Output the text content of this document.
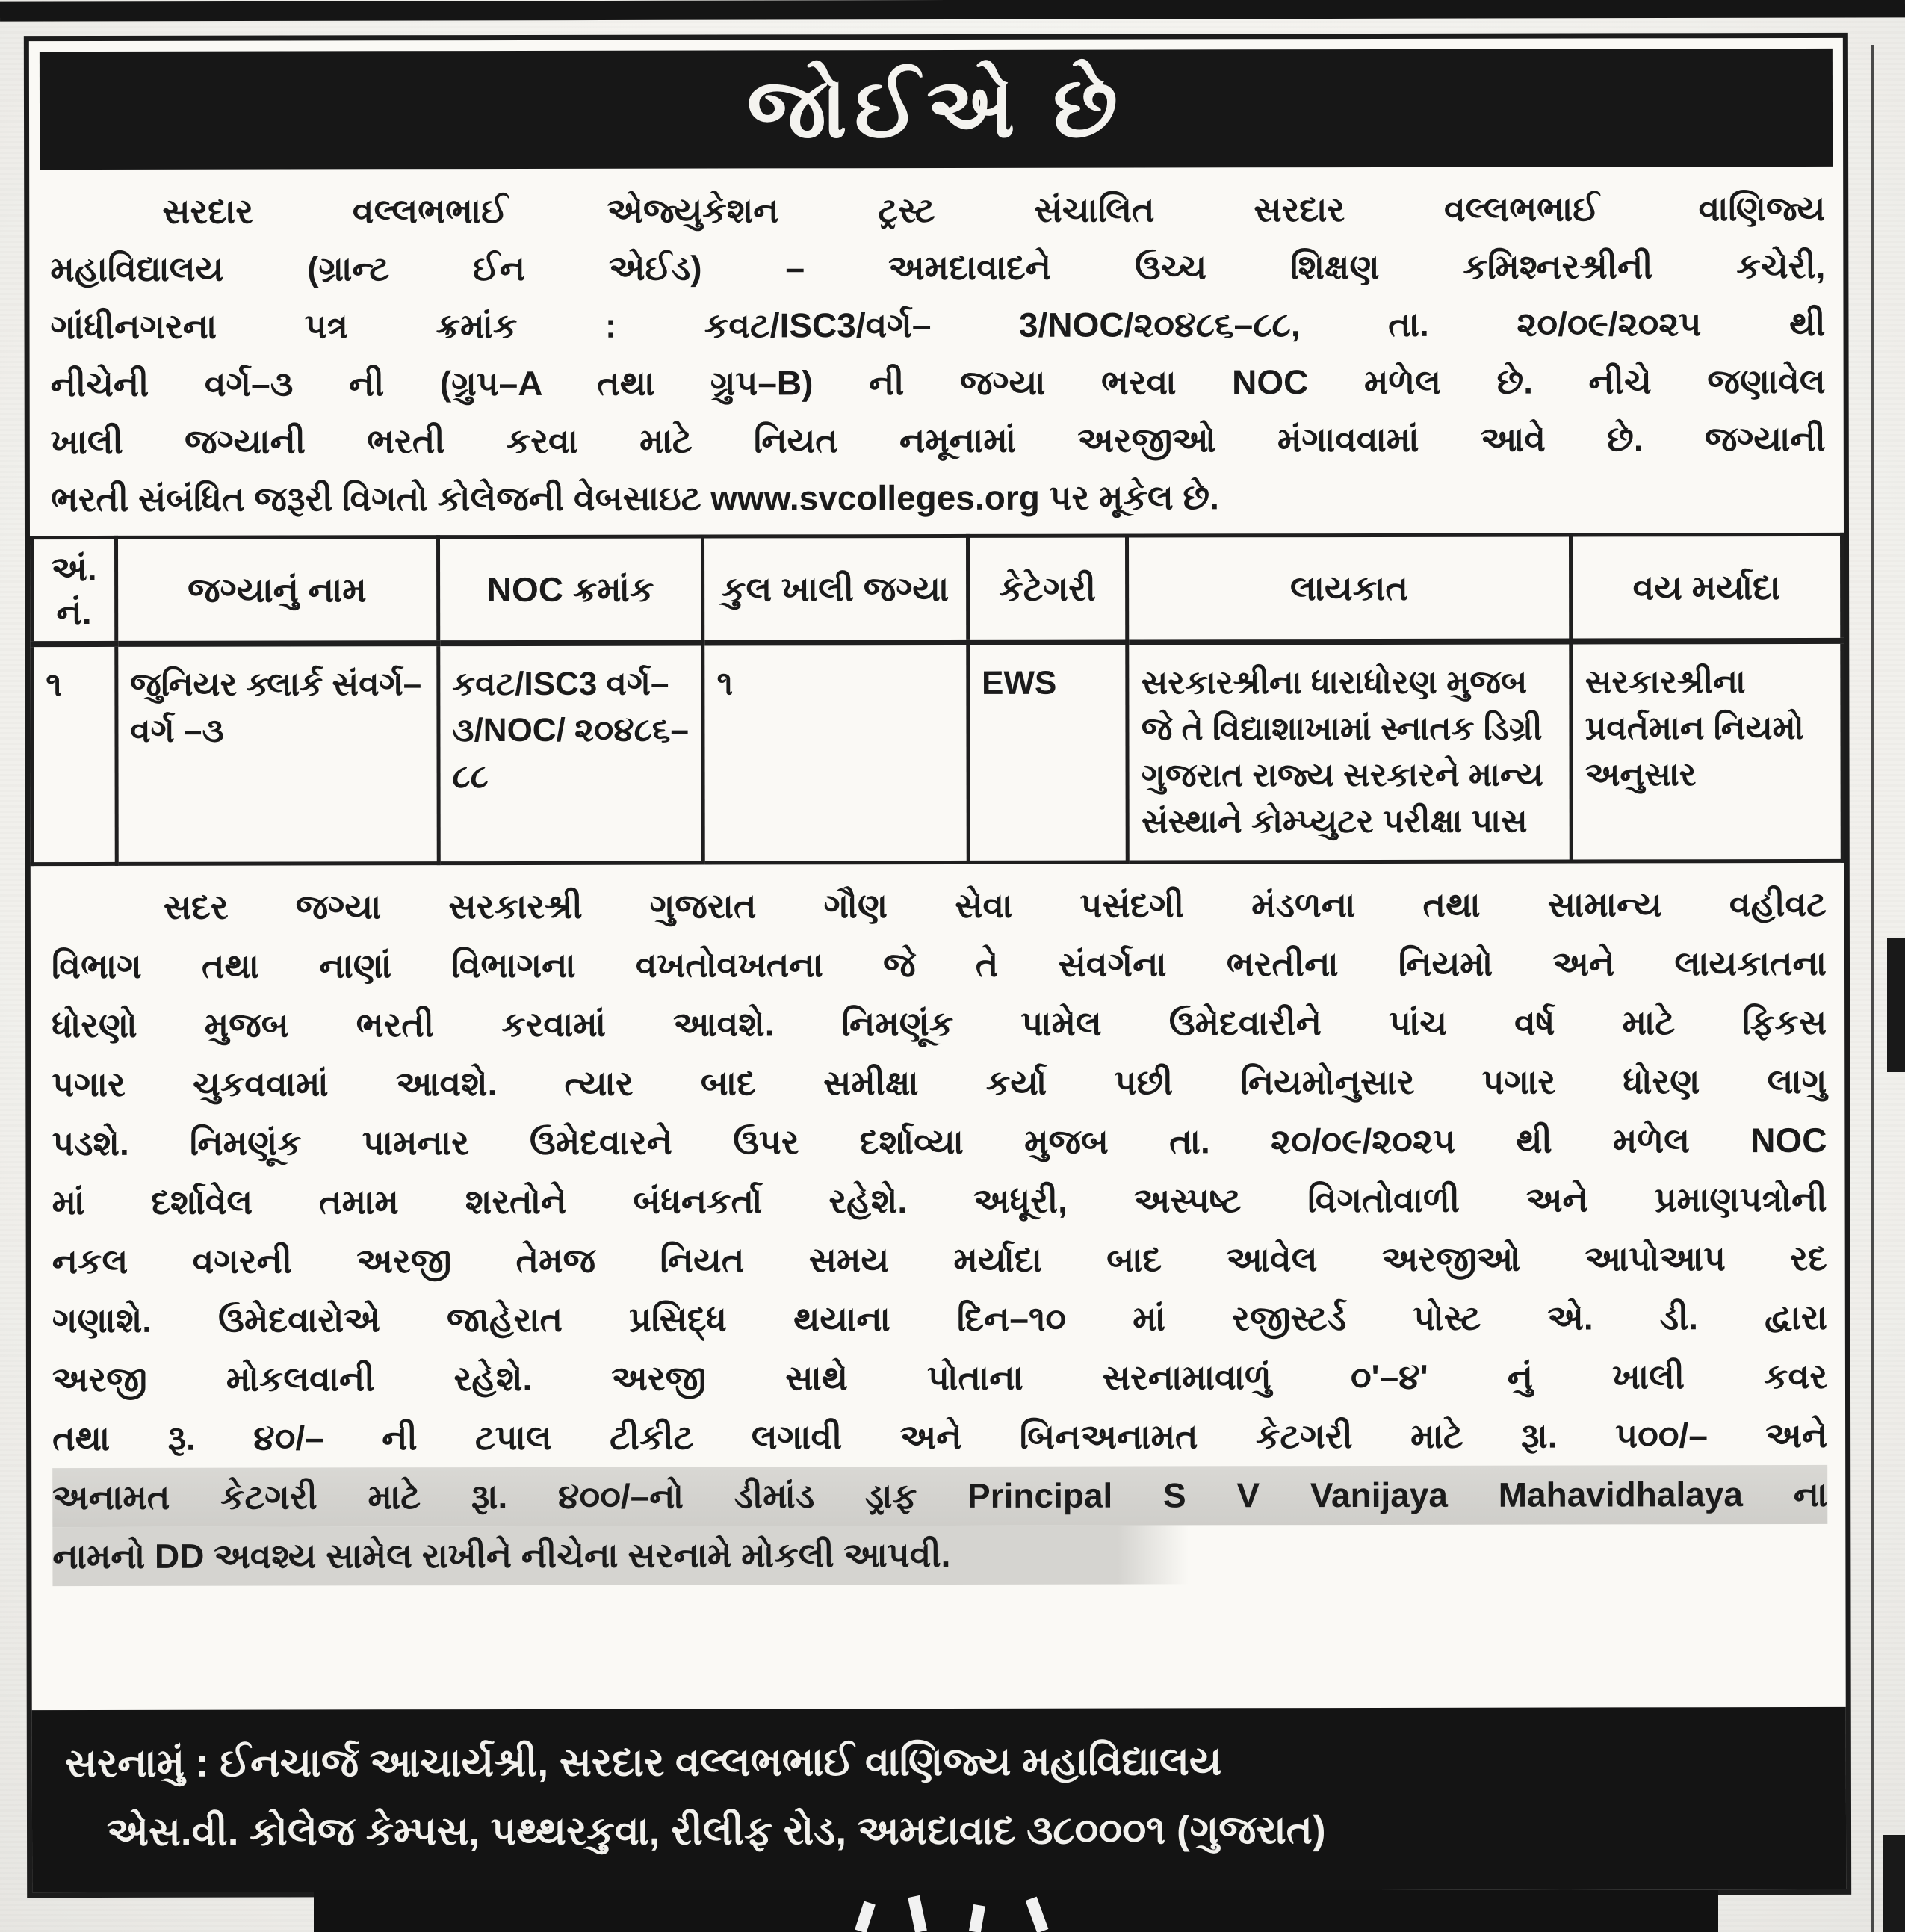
જોઈએ છે
સરદાર વલ્લભભાઈ એજ્યુકેશન ટ્રસ્ટ સંચાલિત સરદાર વલ્લભભાઈ વાણિજ્ય
મહાવિદ્યાલય (ગ્રાન્ટ ઈન એઈડ) – અમદાવાદને ઉચ્ચ શિક્ષણ કમિશ્નરશ્રીની કચેરી,
ગાંધીનગરના પત્ર ક્રમાંક : કવટ/ISC3/વર્ગ– 3/NOC/૨૦૪૮૬–૮૮, તા. ૨૦/૦૯/૨૦૨૫ થી
નીચેની વર્ગ–૩ ની (ગ્રુપ–A તથા ગ્રુપ–B) ની જગ્યા ભરવા NOC મળેલ છે. નીચે જણાવેલ
ખાલી જગ્યાની ભરતી કરવા માટે નિયત નમૂનામાં અરજીઓ મંગાવવામાં આવે છે. જગ્યાની
ભરતી સંબંધિત જરૂરી વિગતો કોલેજની વેબસાઇટ www.svcolleges.org પર મૂકેલ છે.
અં. નં.	જગ્યાનું નામ	NOC ક્રમાંક	કુલ ખાલી જગ્યા	કેટેગરી	લાયકાત	વય મર્યાદા
૧	જુનિયર ક્લાર્ક સંવર્ગ– વર્ગ –૩	કવટ/ISC3 વર્ગ–૩/NOC/ ૨૦૪૮૬–૮૮	૧	EWS	સરકારશ્રીના ધારાધોરણ મુજબ જે તે વિદ્યાશાખામાં સ્નાતક ડિગ્રી ગુજરાત રાજ્ય સરકારને માન્ય સંસ્થાને કોમ્પ્યુટર પરીક્ષા પાસ	સરકારશ્રીના પ્રવર્તમાન નિયમો અનુસાર
સદર જગ્યા સરકારશ્રી ગુજરાત ગૌણ સેવા પસંદગી મંડળના તથા સામાન્ય વહીવટ
વિભાગ તથા નાણાં વિભાગના વખતોવખતના જે તે સંવર્ગના ભરતીના નિયમો અને લાયકાતના
ધોરણો મુજબ ભરતી કરવામાં આવશે. નિમણૂંક પામેલ ઉમેદવારીને પાંચ વર્ષ માટે ફિકસ
પગાર ચુકવવામાં આવશે. ત્યાર બાદ સમીક્ષા કર્યા પછી નિયમોનુસાર પગાર ધોરણ લાગુ
પડશે. નિમણૂંક પામનાર ઉમેદવારને ઉપર દર્શાવ્યા મુજબ તા. ૨૦/૦૯/૨૦૨૫ થી મળેલ NOC
માં દર્શાવેલ તમામ શરતોને બંધનકર્તા રહેશે. અધૂરી, અસ્પષ્ટ વિગતોવાળી અને પ્રમાણપત્રોની
નકલ વગરની અરજી તેમજ નિયત સમય મર્યાદા બાદ આવેલ અરજીઓ આપોઆપ રદ
ગણાશે. ઉમેદવારોએ જાહેરાત પ્રસિદ્ધ થયાના દિન–૧૦ માં રજીસ્ટર્ડ પોસ્ટ એ. ડી. દ્વારા
અરજી મોકલવાની રહેશે. અરજી સાથે પોતાના સરનામાવાળું ૦'–૪' નું ખાલી કવર
તથા રૂ. ૪૦/– ની ટપાલ ટીકીટ લગાવી અને બિનઅનામત કેટગરી માટે રૂા. ૫૦૦/– અને
અનામત કેટગરી માટે રૂા. ૪૦૦/–નો ડીમાંડ ડ્રાફ Principal S V Vanijaya Mahavidhalaya ના
નામનો DD અવશ્ય સામેલ રાખીને નીચેના સરનામે મોકલી આપવી.
સરનામું : ઈનચાર્જ આચાર્યશ્રી, સરદાર વલ્લભભાઈ વાણિજ્ય મહાવિદ્યાલય
એસ.વી. કોલેજ કેમ્પસ, પથ્થરકુવા, રીલીફ રોડ, અમદાવાદ ૩૮૦૦૦૧ (ગુજરાત)
